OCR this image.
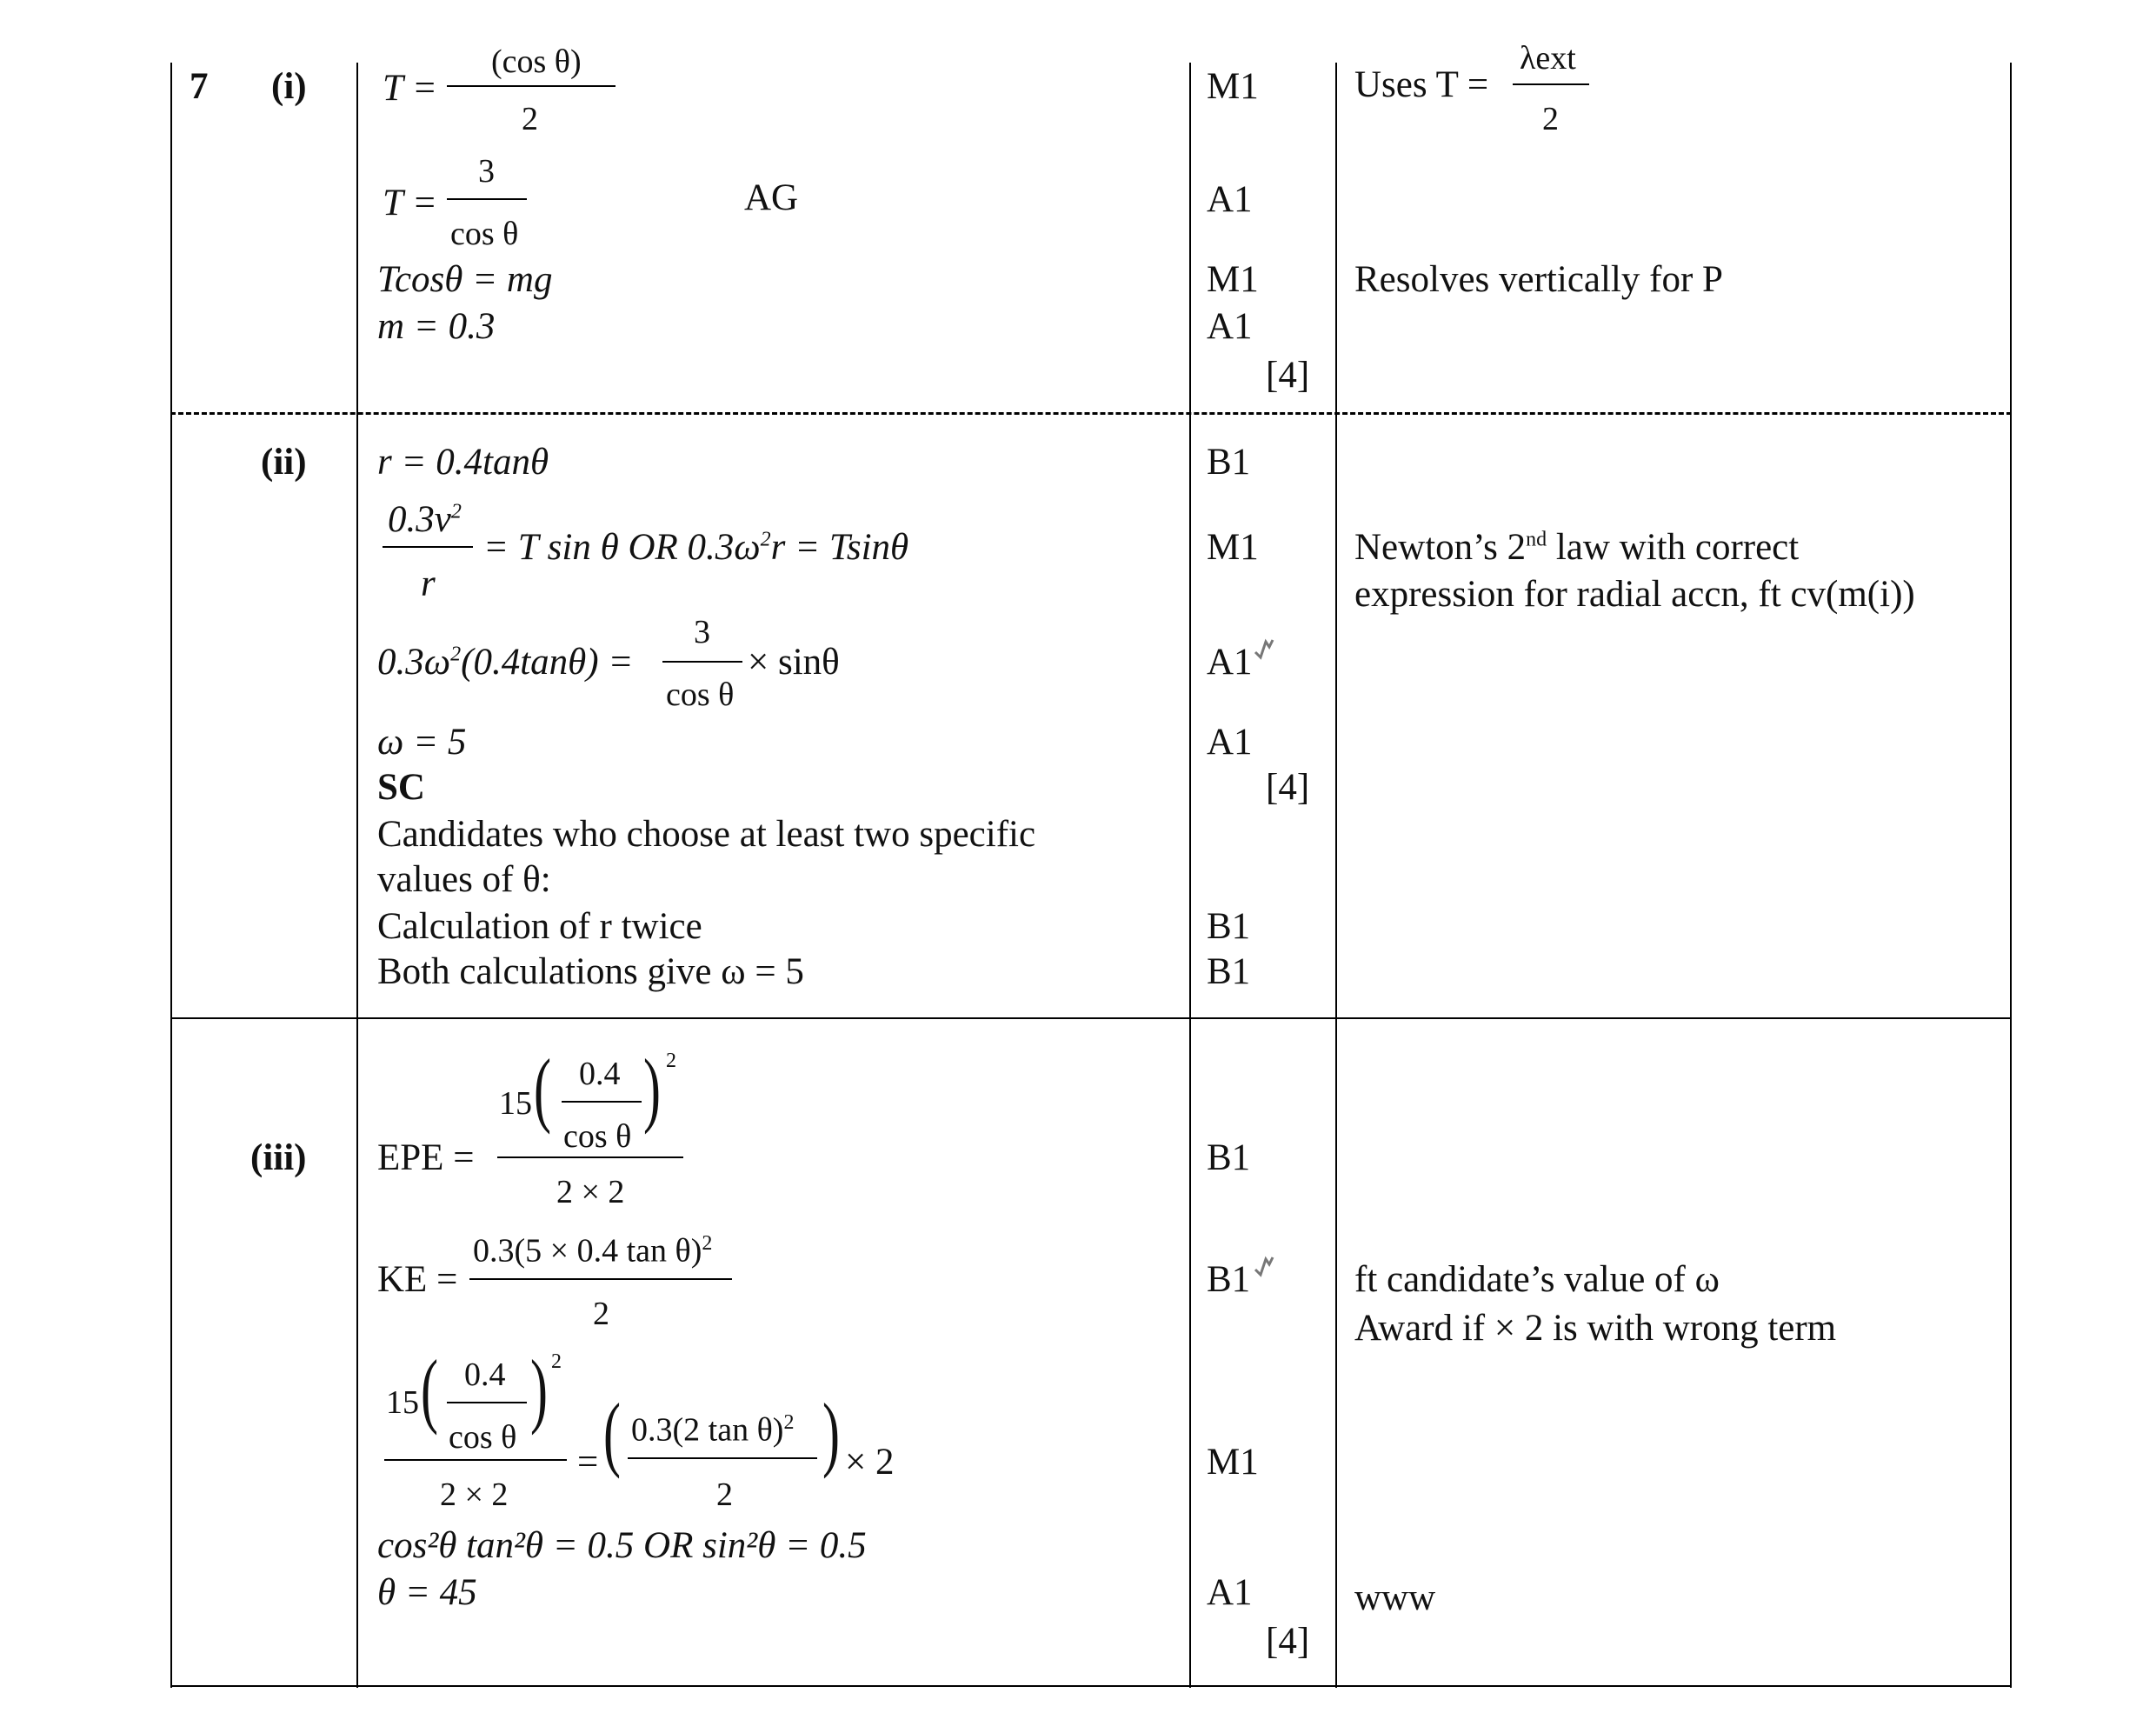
7 (i) T =
(cos θ)
2
T =
3
cos θ
AG
Tcosθ = mg
m = 0.3
M1
A1
M1
A1
[4]
Uses T =
λext
2
Resolves vertically for P
(ii) r = 0.4tanθ
$0.3v^2$
r
= T sin θ OR $0.3\omega^2r = Tsin\theta$
$0.3\omega^2(0.4\tan\theta)$ =
3
cos θ
× sinθ
ω = 5
SC
Candidates who choose at least two specific
values of θ:
Calculation of r twice
Both calculations give ω = 5
B1
M1
A1
A1
[4]
B1
B1
Newton’s 2nd law with correct
expression for radial accn, ft cv(m(i))
(iii) EPE =
15 ( 0.4
cos θ
) 2
2 × 2
KE =
0.3(5 × 0.4 tan θ)$^2$
2
15 ( 0.4
cos θ
) 2
2 × 2
= ( 0.3(2 tan θ)$^2$
2
) × 2
cos²θ tan²θ = 0.5 OR sin²θ = 0.5
θ = 45
B1
B1
M1
A1
[4]
ft candidate’s value of ω
Award if × 2 is with wrong term
www
